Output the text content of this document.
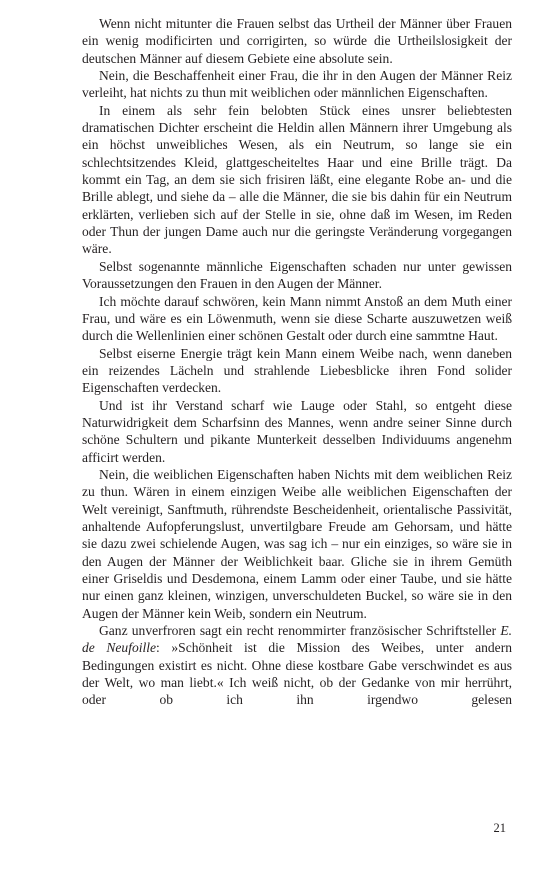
Wenn nicht mitunter die Frauen selbst das Urtheil der Männer über Frauen ein wenig modificirten und corrigirten, so würde die Urtheilslosigkeit der deutschen Männer auf diesem Gebiete eine absolute sein.

Nein, die Beschaffenheit einer Frau, die ihr in den Augen der Männer Reiz verleiht, hat nichts zu thun mit weiblichen oder männlichen Eigenschaften.

In einem als sehr fein belobten Stück eines unsrer beliebtesten dramatischen Dichter erscheint die Heldin allen Männern ihrer Umgebung als ein höchst unweibliches Wesen, als ein Neutrum, so lange sie ein schlechtsitzendes Kleid, glattgescheiteltes Haar und eine Brille trägt. Da kommt ein Tag, an dem sie sich frisiren läßt, eine elegante Robe an- und die Brille ablegt, und siehe da – alle die Männer, die sie bis dahin für ein Neutrum erklärten, verlieben sich auf der Stelle in sie, ohne daß im Wesen, im Reden oder Thun der jungen Dame auch nur die geringste Veränderung vorgegangen wäre.

Selbst sogenannte männliche Eigenschaften schaden nur unter gewissen Voraussetzungen den Frauen in den Augen der Männer.

Ich möchte darauf schwören, kein Mann nimmt Anstoß an dem Muth einer Frau, und wäre es ein Löwenmuth, wenn sie diese Scharte auszuwetzen weiß durch die Wellenlinien einer schönen Gestalt oder durch eine sammtne Haut.

Selbst eiserne Energie trägt kein Mann einem Weibe nach, wenn daneben ein reizendes Lächeln und strahlende Liebesblicke ihren Fond solider Eigenschaften verdecken.

Und ist ihr Verstand scharf wie Lauge oder Stahl, so entgeht diese Naturwidrigkeit dem Scharfsinn des Mannes, wenn andre seiner Sinne durch schöne Schultern und pikante Munterkeit desselben Individuums angenehm afficirt werden.

Nein, die weiblichen Eigenschaften haben Nichts mit dem weiblichen Reiz zu thun. Wären in einem einzigen Weibe alle weiblichen Eigenschaften der Welt vereinigt, Sanftmuth, rührendste Bescheidenheit, orientalische Passivität, anhaltende Aufopferungslust, unvertilgbare Freude am Gehorsam, und hätte sie dazu zwei schielende Augen, was sag ich – nur ein einziges, so wäre sie in den Augen der Männer der Weiblichkeit baar. Gliche sie in ihrem Gemüth einer Griseldis und Desdemona, einem Lamm oder einer Taube, und sie hätte nur einen ganz kleinen, winzigen, unverschuldeten Buckel, so wäre sie in den Augen der Männer kein Weib, sondern ein Neutrum.

Ganz unverfroren sagt ein recht renommirter französischer Schriftsteller E. de Neufoille: »Schönheit ist die Mission des Weibes, unter andern Bedingungen existirt es nicht. Ohne diese kostbare Gabe verschwindet es aus der Welt, wo man liebt.« Ich weiß nicht, ob der Gedanke von mir herrührt, oder ob ich ihn irgendwo gelesen

21
